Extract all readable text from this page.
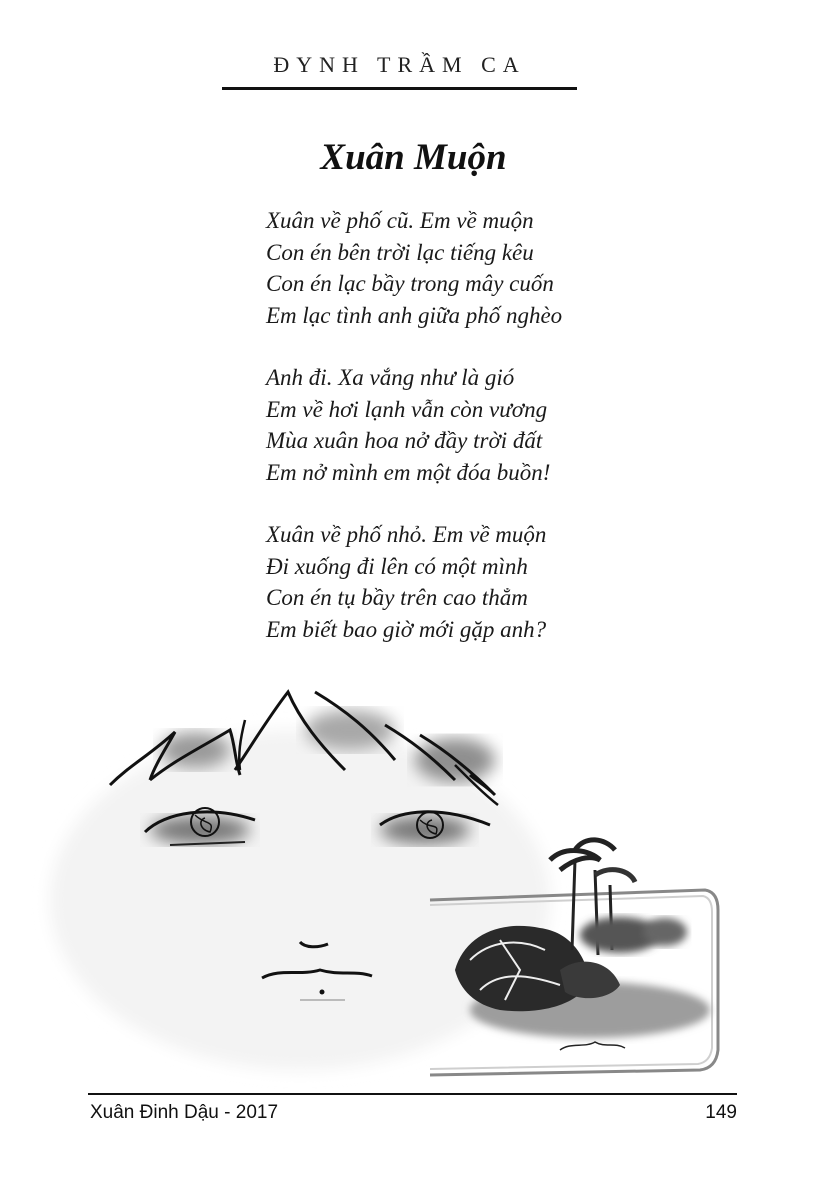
ĐYNH TRẦM CA
Xuân Muộn
Xuân về phố cũ. Em về muộn
Con én bên trời lạc tiếng kêu
Con én lạc bầy trong mây cuốn
Em lạc tình anh giữa phố nghèo
Anh đi. Xa vắng như là gió
Em về hơi lạnh vẫn còn vương
Mùa xuân hoa nở đầy trời đất
Em nở mình em một đóa buồn!
Xuân về phố nhỏ. Em về muộn
Đi xuống đi lên có một mình
Con én tụ bầy trên cao thẳm
Em biết bao giờ mới gặp anh?
Xuân Đinh Dậu - 2017	149
